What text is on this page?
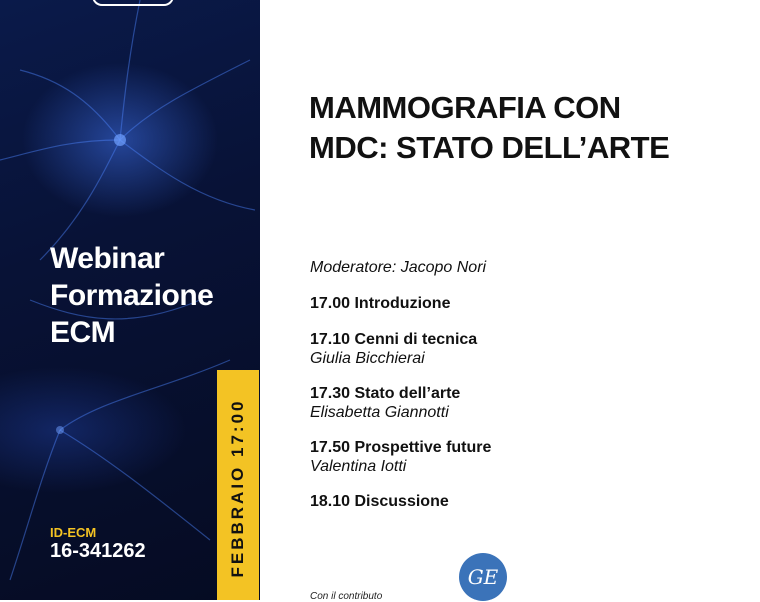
Webinar
Formazione
ECM
ID-ECM
16-341262	FEBBRAIO 17:00
MAMMOGRAFIA CON
MDC: STATO DELL’ARTE
Moderatore: Jacopo Nori
17.00 Introduzione
17.10 Cenni di tecnica
Giulia Bicchierai
17.30 Stato dell’arte
Elisabetta Giannotti
17.50 Prospettive future
Valentina Iotti
18.10 Discussione
Con il contributo
GE
